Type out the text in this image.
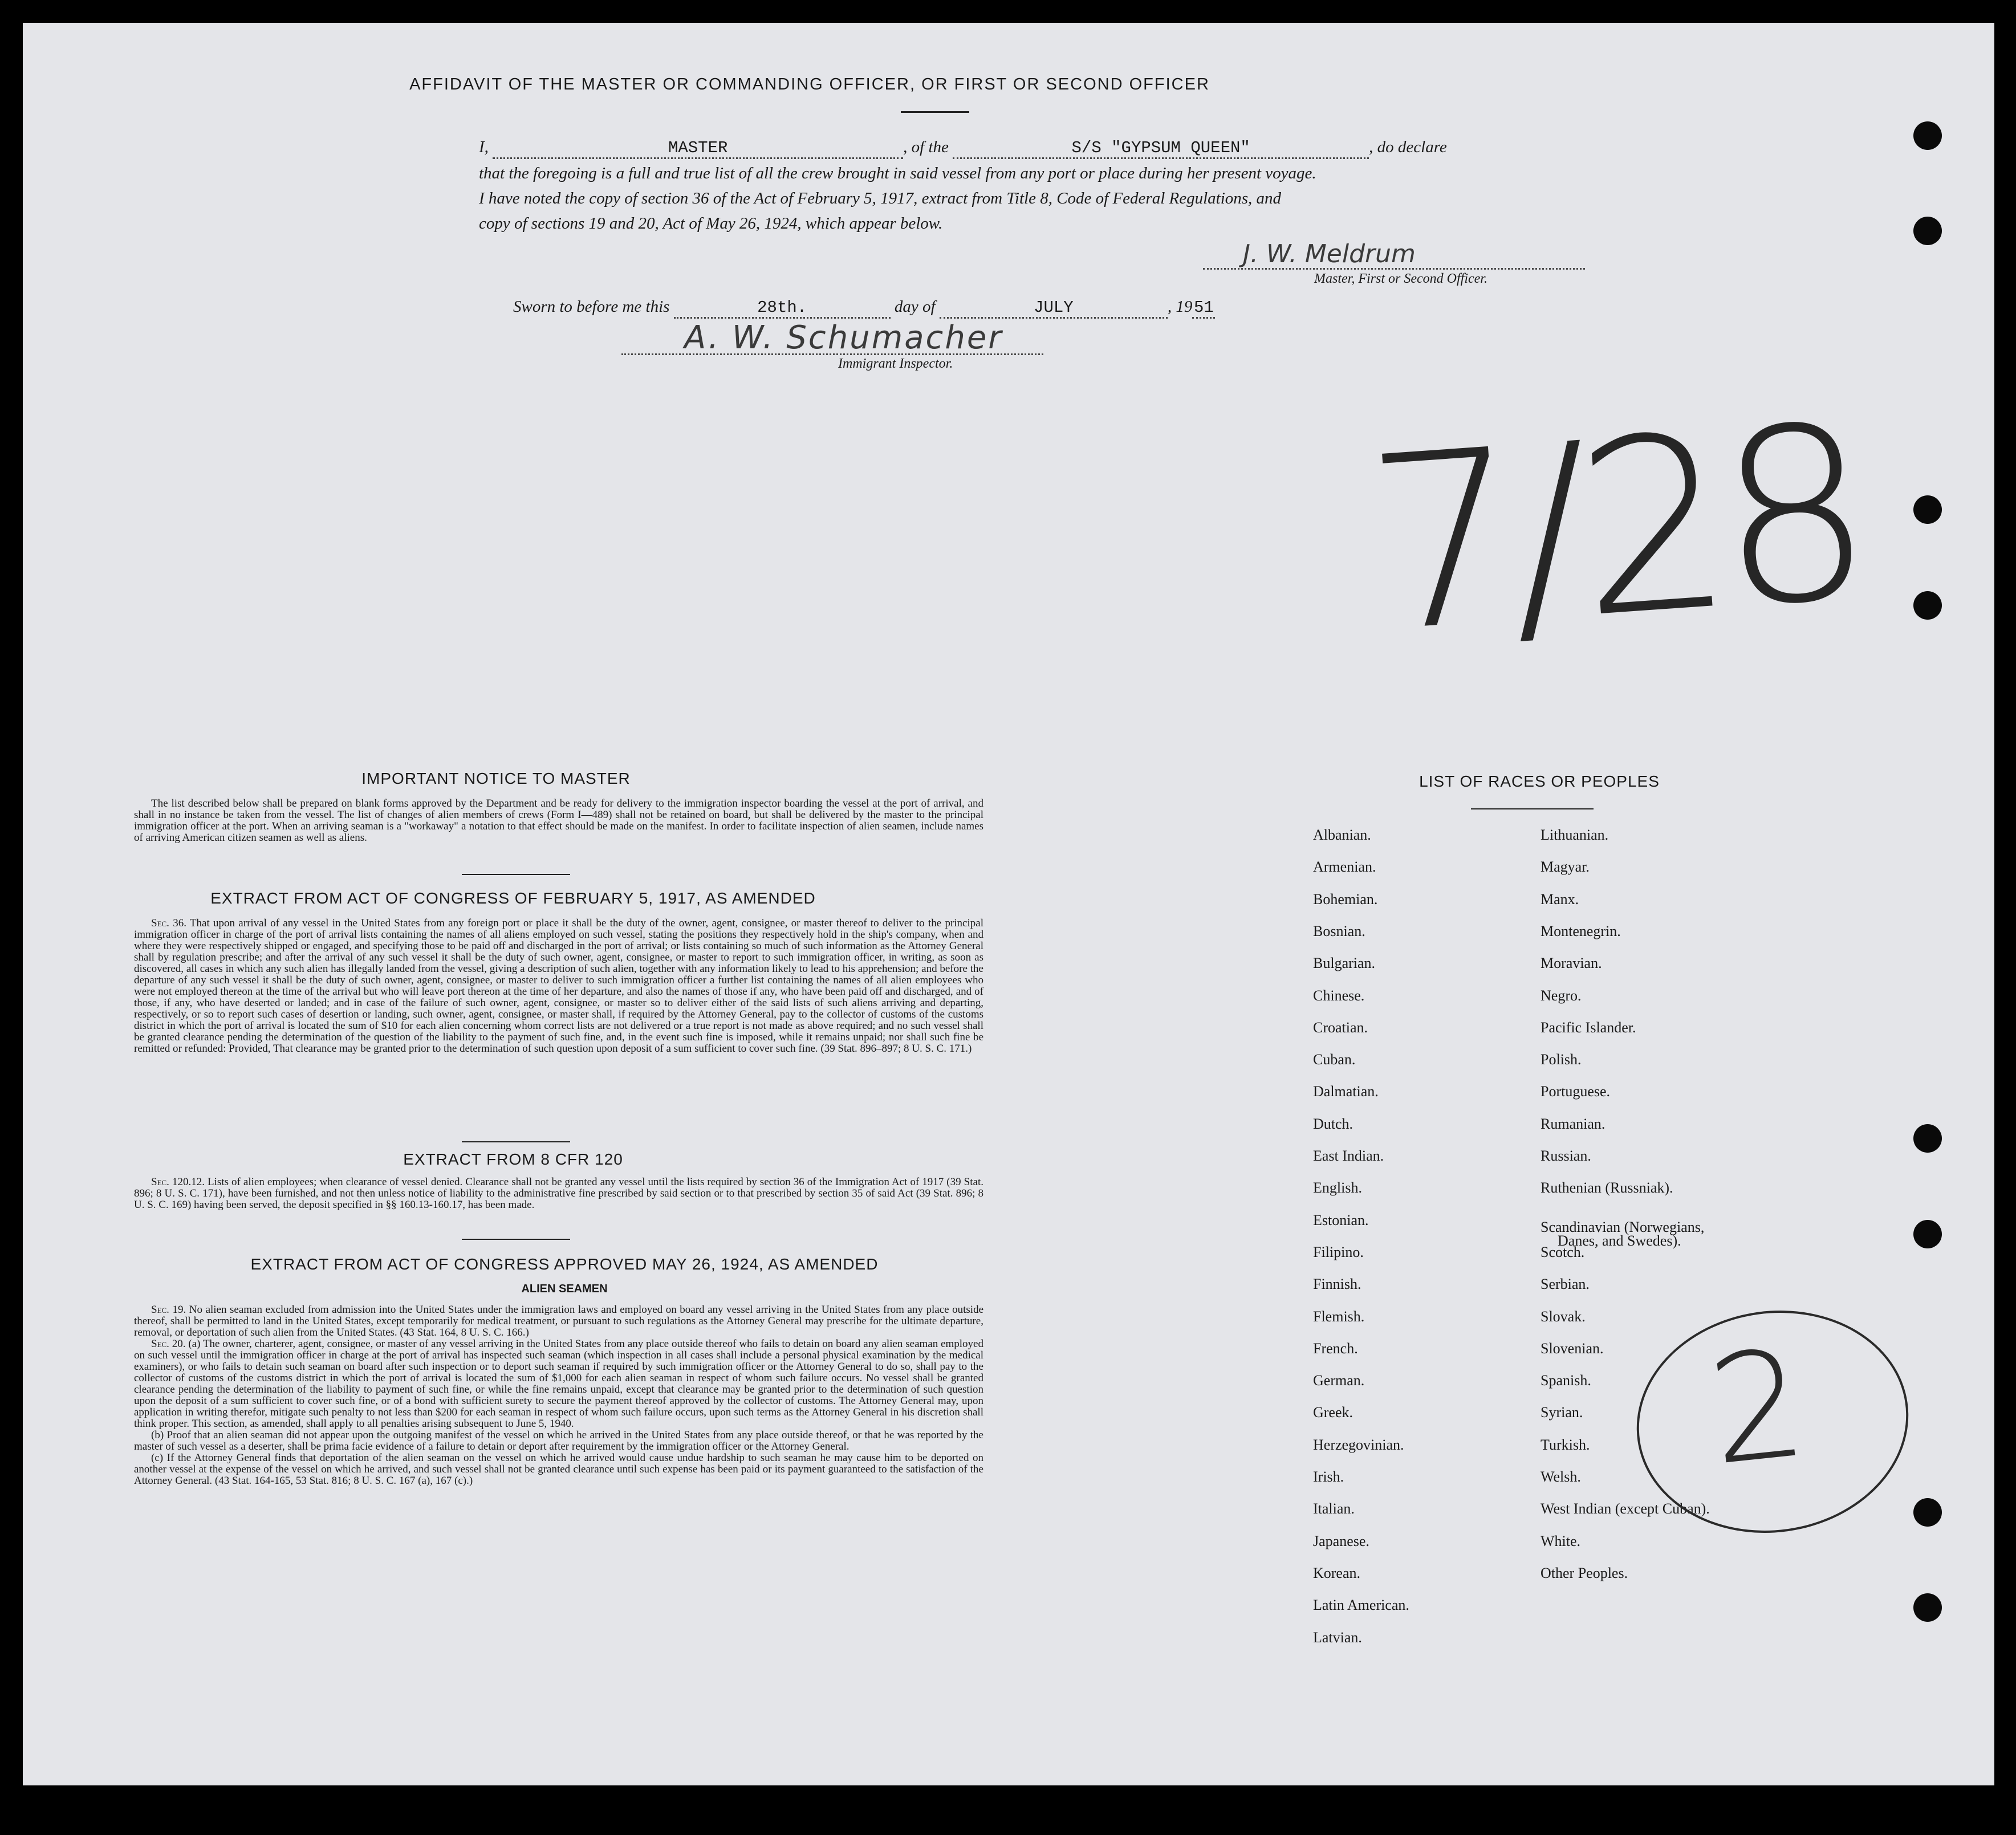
AFFIDAVIT OF THE MASTER OR COMMANDING OFFICER, OR FIRST OR SECOND OFFICER
I,	MASTER	, of the	S/S "GYPSUM QUEEN"	, do declare
that the foregoing is a full and true list of all the crew brought in said vessel from any port or place during her present voyage.
I have noted the copy of section 36 of the Act of February 5, 1917, extract from Title 8, Code of Federal Regulations, and
copy of sections 19 and 20, Act of May 26, 1924, which appear below.
J. W. Meldrum
Master, First or Second Officer.
Sworn to before me this	28th.	day of	JULY	, 1951
A. W. Schumacher
Immigrant Inspector.
7/28
IMPORTANT NOTICE TO MASTER

The list described below shall be prepared on blank forms approved by the Department and be ready for delivery to the immigration inspector boarding the vessel at the port of arrival, and shall in no instance be taken from the vessel. The list of changes of alien members of crews (Form I—489) shall not be retained on board, but shall be delivered by the master to the principal immigration officer at the port. When an arriving seaman is a "workaway" a notation to that effect should be made on the manifest. In order to facilitate inspection of alien seamen, include names of arriving American citizen seamen as well as aliens.

EXTRACT FROM ACT OF CONGRESS OF FEBRUARY 5, 1917, AS AMENDED

Sec. 36. That upon arrival of any vessel in the United States from any foreign port or place it shall be the duty of the owner, agent, consignee, or master thereof to deliver to the principal immigration officer in charge of the port of arrival lists containing the names of all aliens employed on such vessel, stating the positions they respectively hold in the ship's company, when and where they were respectively shipped or engaged, and specifying those to be paid off and discharged in the port of arrival; or lists containing so much of such information as the Attorney General shall by regulation prescribe; and after the arrival of any such vessel it shall be the duty of such owner, agent, consignee, or master to report to such immigration officer, in writing, as soon as discovered, all cases in which any such alien has illegally landed from the vessel, giving a description of such alien, together with any information likely to lead to his apprehension; and before the departure of any such vessel it shall be the duty of such owner, agent, consignee, or master to deliver to such immigration officer a further list containing the names of all alien employees who were not employed thereon at the time of the arrival but who will leave port thereon at the time of her departure, and also the names of those if any, who have been paid off and discharged, and of those, if any, who have deserted or landed; and in case of the failure of such owner, agent, consignee, or master so to deliver either of the said lists of such aliens arriving and departing, respectively, or so to report such cases of desertion or landing, such owner, agent, consignee, or master shall, if required by the Attorney General, pay to the collector of customs of the customs district in which the port of arrival is located the sum of $10 for each alien concerning whom correct lists are not delivered or a true report is not made as above required; and no such vessel shall be granted clearance pending the determination of the question of the liability to the payment of such fine, and, in the event such fine is imposed, while it remains unpaid; nor shall such fine be remitted or refunded: Provided, That clearance may be granted prior to the determination of such question upon deposit of a sum sufficient to cover such fine. (39 Stat. 896–897; 8 U. S. C. 171.)

EXTRACT FROM 8 CFR 120

Sec. 120.12. Lists of alien employees; when clearance of vessel denied. Clearance shall not be granted any vessel until the lists required by section 36 of the Immigration Act of 1917 (39 Stat. 896; 8 U. S. C. 171), have been furnished, and not then unless notice of liability to the administrative fine prescribed by said section or to that prescribed by section 35 of said Act (39 Stat. 896; 8 U. S. C. 169) having been served, the deposit specified in §§ 160.13-160.17, has been made.

EXTRACT FROM ACT OF CONGRESS APPROVED MAY 26, 1924, AS AMENDED
ALIEN SEAMEN

Sec. 19. No alien seaman excluded from admission into the United States under the immigration laws and employed on board any vessel arriving in the United States from any place outside thereof, shall be permitted to land in the United States, except temporarily for medical treatment, or pursuant to such regulations as the Attorney General may prescribe for the ultimate departure, removal, or deportation of such alien from the United States. (43 Stat. 164, 8 U. S. C. 166.)

Sec. 20. (a) The owner, charterer, agent, consignee, or master of any vessel arriving in the United States from any place outside thereof who fails to detain on board any alien seaman employed on such vessel until the immigration officer in charge at the port of arrival has inspected such seaman (which inspection in all cases shall include a personal physical examination by the medical examiners), or who fails to detain such seaman on board after such inspection or to deport such seaman if required by such immigration officer or the Attorney General to do so, shall pay to the collector of customs of the customs district in which the port of arrival is located the sum of $1,000 for each alien seaman in respect of whom such failure occurs. No vessel shall be granted clearance pending the determination of the liability to payment of such fine, or while the fine remains unpaid, except that clearance may be granted prior to the determination of such question upon the deposit of a sum sufficient to cover such fine, or of a bond with sufficient surety to secure the payment thereof approved by the collector of customs. The Attorney General may, upon application in writing therefor, mitigate such penalty to not less than $200 for each seaman in respect of whom such failure occurs, upon such terms as the Attorney General in his discretion shall think proper. This section, as amended, shall apply to all penalties arising subsequent to June 5, 1940.

(b) Proof that an alien seaman did not appear upon the outgoing manifest of the vessel on which he arrived in the United States from any place outside thereof, or that he was reported by the master of such vessel as a deserter, shall be prima facie evidence of a failure to detain or deport after requirement by the immigration officer or the Attorney General.

(c) If the Attorney General finds that deportation of the alien seaman on the vessel on which he arrived would cause undue hardship to such seaman he may cause him to be deported on another vessel at the expense of the vessel on which he arrived, and such vessel shall not be granted clearance until such expense has been paid or its payment guaranteed to the satisfaction of the Attorney General. (43 Stat. 164-165, 53 Stat. 816; 8 U. S. C. 167 (a), 167 (c).)

LIST OF RACES OR PEOPLES
Albanian.
Armenian.
Bohemian.
Bosnian.
Bulgarian.
Chinese.
Croatian.
Cuban.
Dalmatian.
Dutch.
East Indian.
English.
Estonian.
Filipino.
Finnish.
Flemish.
French.
German.
Greek.
Herzegovinian.
Irish.
Italian.
Japanese.
Korean.
Latin American.
Latvian.
Lithuanian.
Magyar.
Manx.
Montenegrin.
Moravian.
Negro.
Pacific Islander.
Polish.
Portuguese.
Rumanian.
Russian.
Ruthenian (Russniak).
Scandinavian (Norwegians,
Danes, and Swedes).
Scotch.
Serbian.
Slovak.
Slovenian.
Spanish.
Syrian.
Turkish.
Welsh.
West Indian (except Cuban).
White.
Other Peoples.
2
